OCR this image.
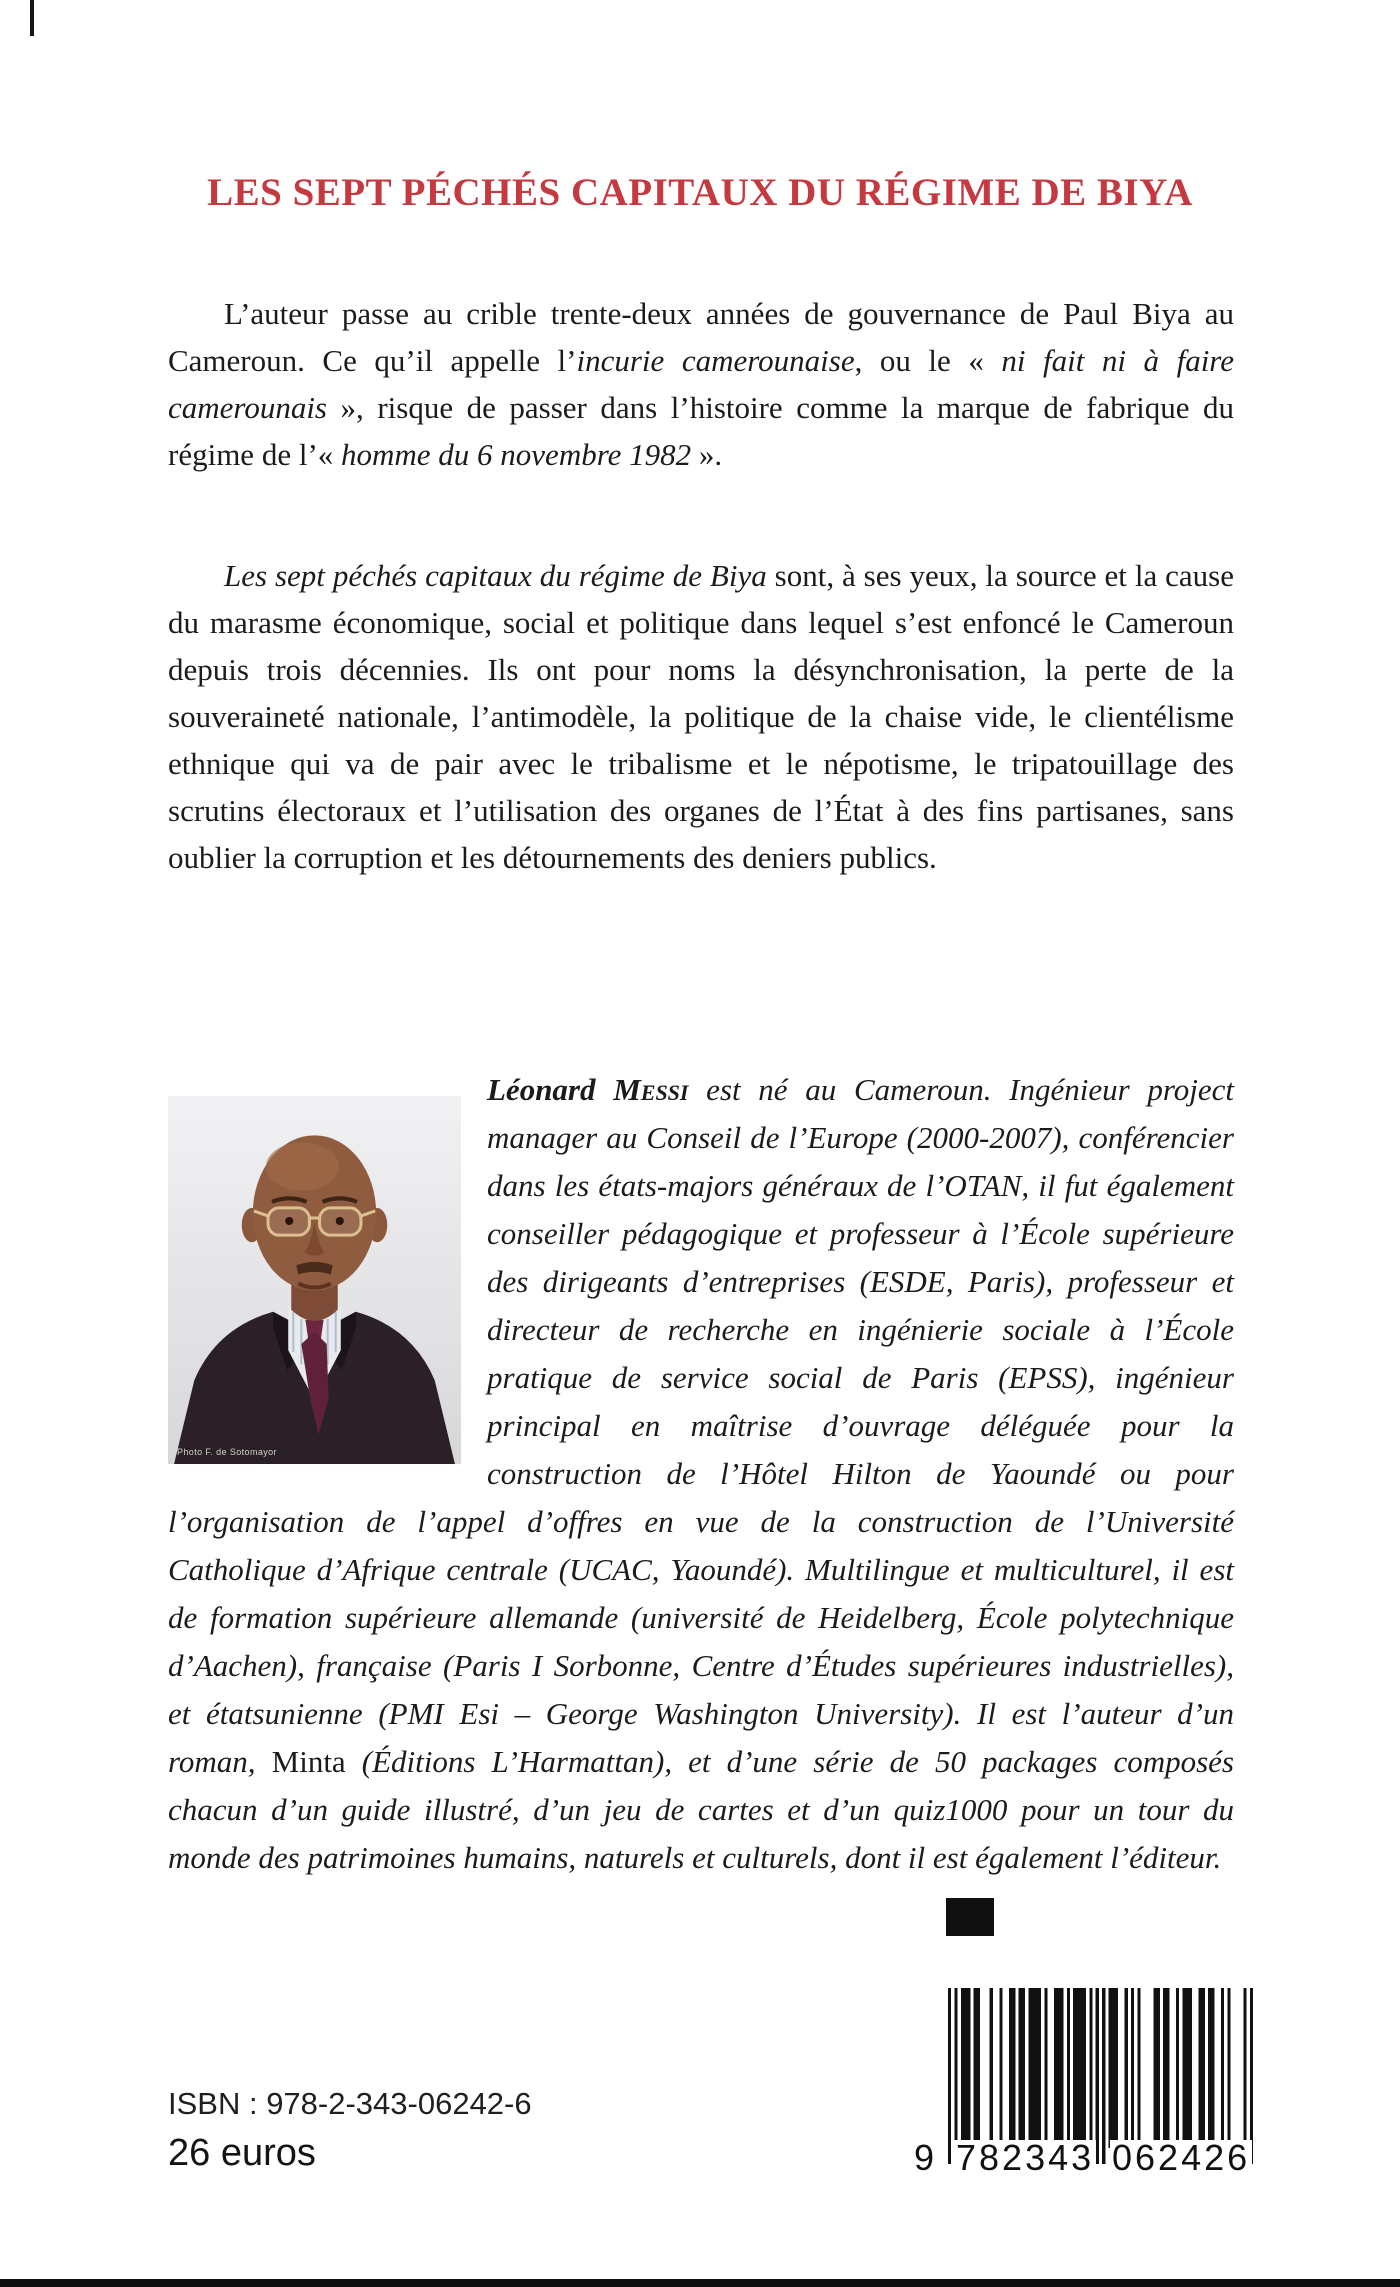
LES SEPT PÉCHÉS CAPITAUX DU RÉGIME DE BIYA

L’auteur passe au crible trente-deux années de gouvernance de Paul Biya au Cameroun. Ce qu’il appelle l’incurie camerounaise, ou le « ni fait ni à faire camerounais », risque de passer dans l’histoire comme la marque de fabrique du régime de l’« homme du 6 novembre 1982 ».

Les sept péchés capitaux du régime de Biya sont, à ses yeux, la source et la cause du marasme économique, social et politique dans lequel s’est enfoncé le Cameroun depuis trois décennies. Ils ont pour noms la désynchronisation, la perte de la souveraineté nationale, l’antimodèle, la politique de la chaise vide, le clientélisme ethnique qui va de pair avec le tribalisme et le népotisme, le tripatouillage des scrutins électoraux et l’utilisation des organes de l’État à des fins partisanes, sans oublier la corruption et les détournements des deniers publics.

Photo F. de Sotomayor

Léonard Messi est né au Cameroun. Ingénieur project manager au Conseil de l’Europe (2000-2007), conférencier dans les états-majors généraux de l’OTAN, il fut également conseiller pédagogique et professeur à l’École supérieure des dirigeants d’entreprises (ESDE, Paris), professeur et directeur de recherche en ingénierie sociale à l’École pratique de service social de Paris (EPSS), ingénieur principal en maîtrise d’ouvrage déléguée pour la construction de l’Hôtel Hilton de Yaoundé ou pour l’organisation de l’appel d’offres en vue de la construction de l’Université Catholique d’Afrique centrale (UCAC, Yaoundé). Multilingue et multiculturel, il est de formation supérieure allemande (université de Heidelberg, École polytechnique d’Aachen), française (Paris I Sorbonne, Centre d’Études supérieures industrielles), et étatsunienne (PMI Esi – George Washington University). Il est l’auteur d’un roman, Minta (Éditions L’Harmattan), et d’une série de 50 packages composés chacun d’un guide illustré, d’un jeu de cartes et d’un quiz1000 pour un tour du monde des patrimoines humains, naturels et culturels, dont il est également l’éditeur.

ISBN : 978-2-343-06242-6
26 euros	9 782343 062426
